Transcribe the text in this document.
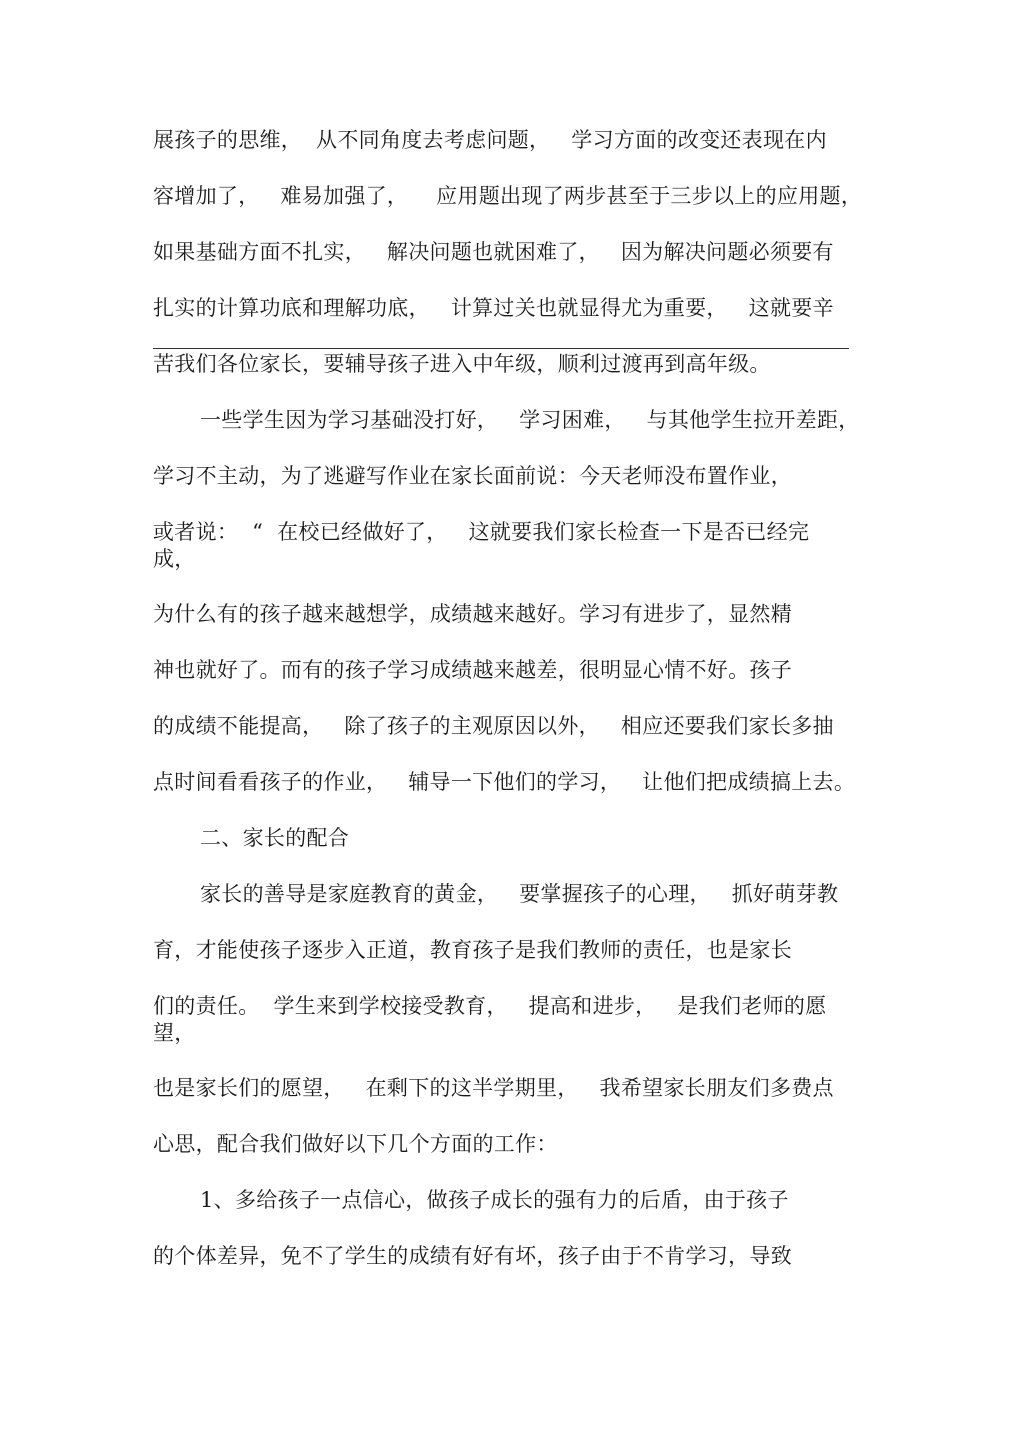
展孩子的思维，  从不同角度去考虑问题，   学习方面的改变还表现在内
容增加了，   难易加强了，    应用题出现了两步甚至于三步以上的应用题，
如果基础方面不扎实，   解决问题也就困难了，   因为解决问题必须要有
扎实的计算功底和理解功底，   计算过关也就显得尤为重要，   这就要辛
苦我们各位家长，要辅导孩子进入中年级，顺利过渡再到高年级。
一些学生因为学习基础没打好，   学习困难，   与其他学生拉开差距，
学习不主动，为了逃避写作业在家长面前说：今天老师没布置作业，
或者说：  “  在校已经做好了，   这就要我们家长检查一下是否已经完
成，
为什么有的孩子越来越想学，成绩越来越好。学习有进步了，显然精
神也就好了。而有的孩子学习成绩越来越差，很明显心情不好。孩子
的成绩不能提高，   除了孩子的主观原因以外，   相应还要我们家长多抽
点时间看看孩子的作业，   辅导一下他们的学习，   让他们把成绩搞上去。
二、家长的配合
家长的善导是家庭教育的黄金，   要掌握孩子的心理，   抓好萌芽教
育，才能使孩子逐步入正道，教育孩子是我们教师的责任，也是家长
们的责任。  学生来到学校接受教育，   提高和进步，   是我们老师的愿
望，
也是家长们的愿望，   在剩下的这半学期里，   我希望家长朋友们多费点
心思，配合我们做好以下几个方面的工作：
1、多给孩子一点信心，做孩子成长的强有力的后盾，由于孩子
的个体差异，免不了学生的成绩有好有坏，孩子由于不肯学习，导致
